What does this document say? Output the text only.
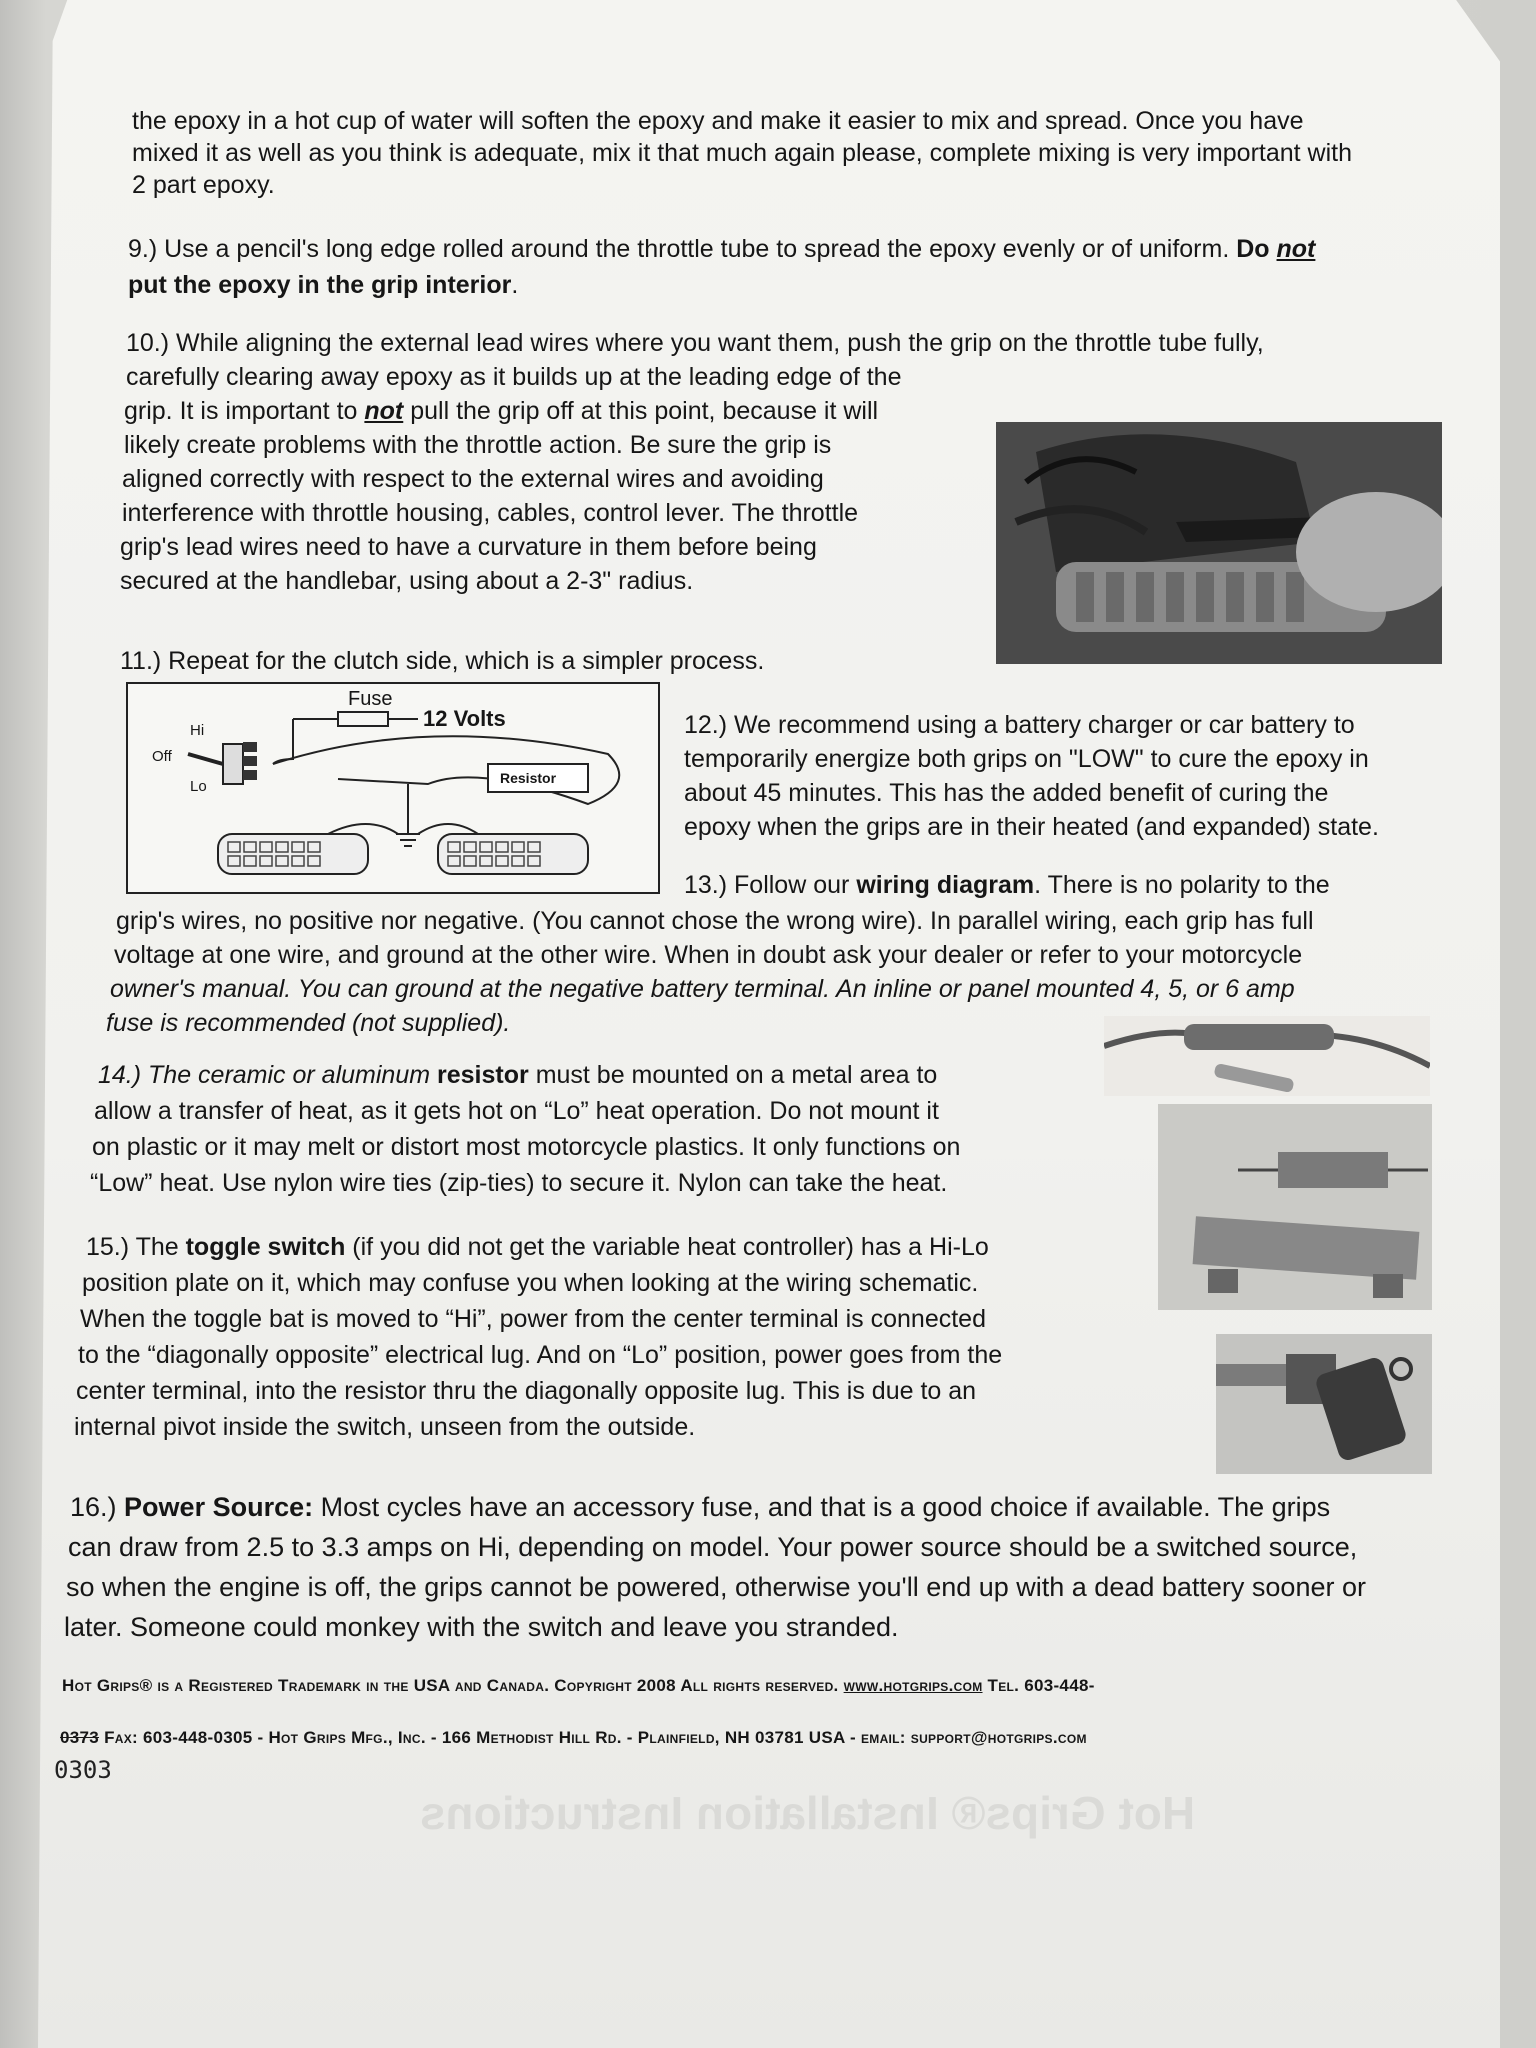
the epoxy in a hot cup of water will soften the epoxy and make it easier to mix and spread. Once you have

mixed it as well as you think is adequate, mix it that much again please, complete mixing is very important with

2 part epoxy.

9.) Use a pencil's long edge rolled around the throttle tube to spread the epoxy evenly or of uniform. Do not

put the epoxy in the grip interior.

10.) While aligning the external lead wires where you want them, push the grip on the throttle tube fully,

carefully clearing away epoxy as it builds up at the leading edge of the

grip. It is important to not pull the grip off at this point, because it will

likely create problems with the throttle action. Be sure the grip is

aligned correctly with respect to the external wires and avoiding

interference with throttle housing, cables, control lever. The throttle

grip's lead wires need to have a curvature in them before being

secured at the handlebar, using about a 2-3" radius.

11.) Repeat for the clutch side, which is a simpler process.

Fuse
12 Volts
Hi
Off
Lo	Resistor

12.) We recommend using a battery charger or car battery to

temporarily energize both grips on "LOW" to cure the epoxy in

about 45 minutes. This has the added benefit of curing the

epoxy when the grips are in their heated (and expanded) state.

13.) Follow our wiring diagram. There is no polarity to the

grip's wires, no positive nor negative. (You cannot chose the wrong wire). In parallel wiring, each grip has full

voltage at one wire, and ground at the other wire. When in doubt ask your dealer or refer to your motorcycle

owner's manual. You can ground at the negative battery terminal. An inline or panel mounted 4, 5, or 6 amp

fuse is recommended (not supplied).

14.) The ceramic or aluminum resistor must be mounted on a metal area to

allow a transfer of heat, as it gets hot on “Lo” heat operation. Do not mount it

on plastic or it may melt or distort most motorcycle plastics. It only functions on

“Low” heat. Use nylon wire ties (zip-ties) to secure it. Nylon can take the heat.

15.) The toggle switch (if you did not get the variable heat controller) has a Hi-Lo

position plate on it, which may confuse you when looking at the wiring schematic.

When the toggle bat is moved to “Hi”, power from the center terminal is connected

to the “diagonally opposite” electrical lug. And on “Lo” position, power goes from the

center terminal, into the resistor thru the diagonally opposite lug. This is due to an

internal pivot inside the switch, unseen from the outside.

16.) Power Source: Most cycles have an accessory fuse, and that is a good choice if available. The grips

can draw from 2.5 to 3.3 amps on Hi, depending on model. Your power source should be a switched source,

so when the engine is off, the grips cannot be powered, otherwise you'll end up with a dead battery sooner or

later. Someone could monkey with the switch and leave you stranded.

Hot Grips® is a Registered Trademark in the USA and Canada. Copyright 2008 All rights reserved. www.hotgrips.com Tel. 603-448-
0373 Fax: 603-448-0305 - Hot Grips Mfg., Inc. - 166 Methodist Hill Rd. - Plainfield, NH 03781 USA - email: support@hotgrips.com
0303
Hot Grips® Installation Instructions
